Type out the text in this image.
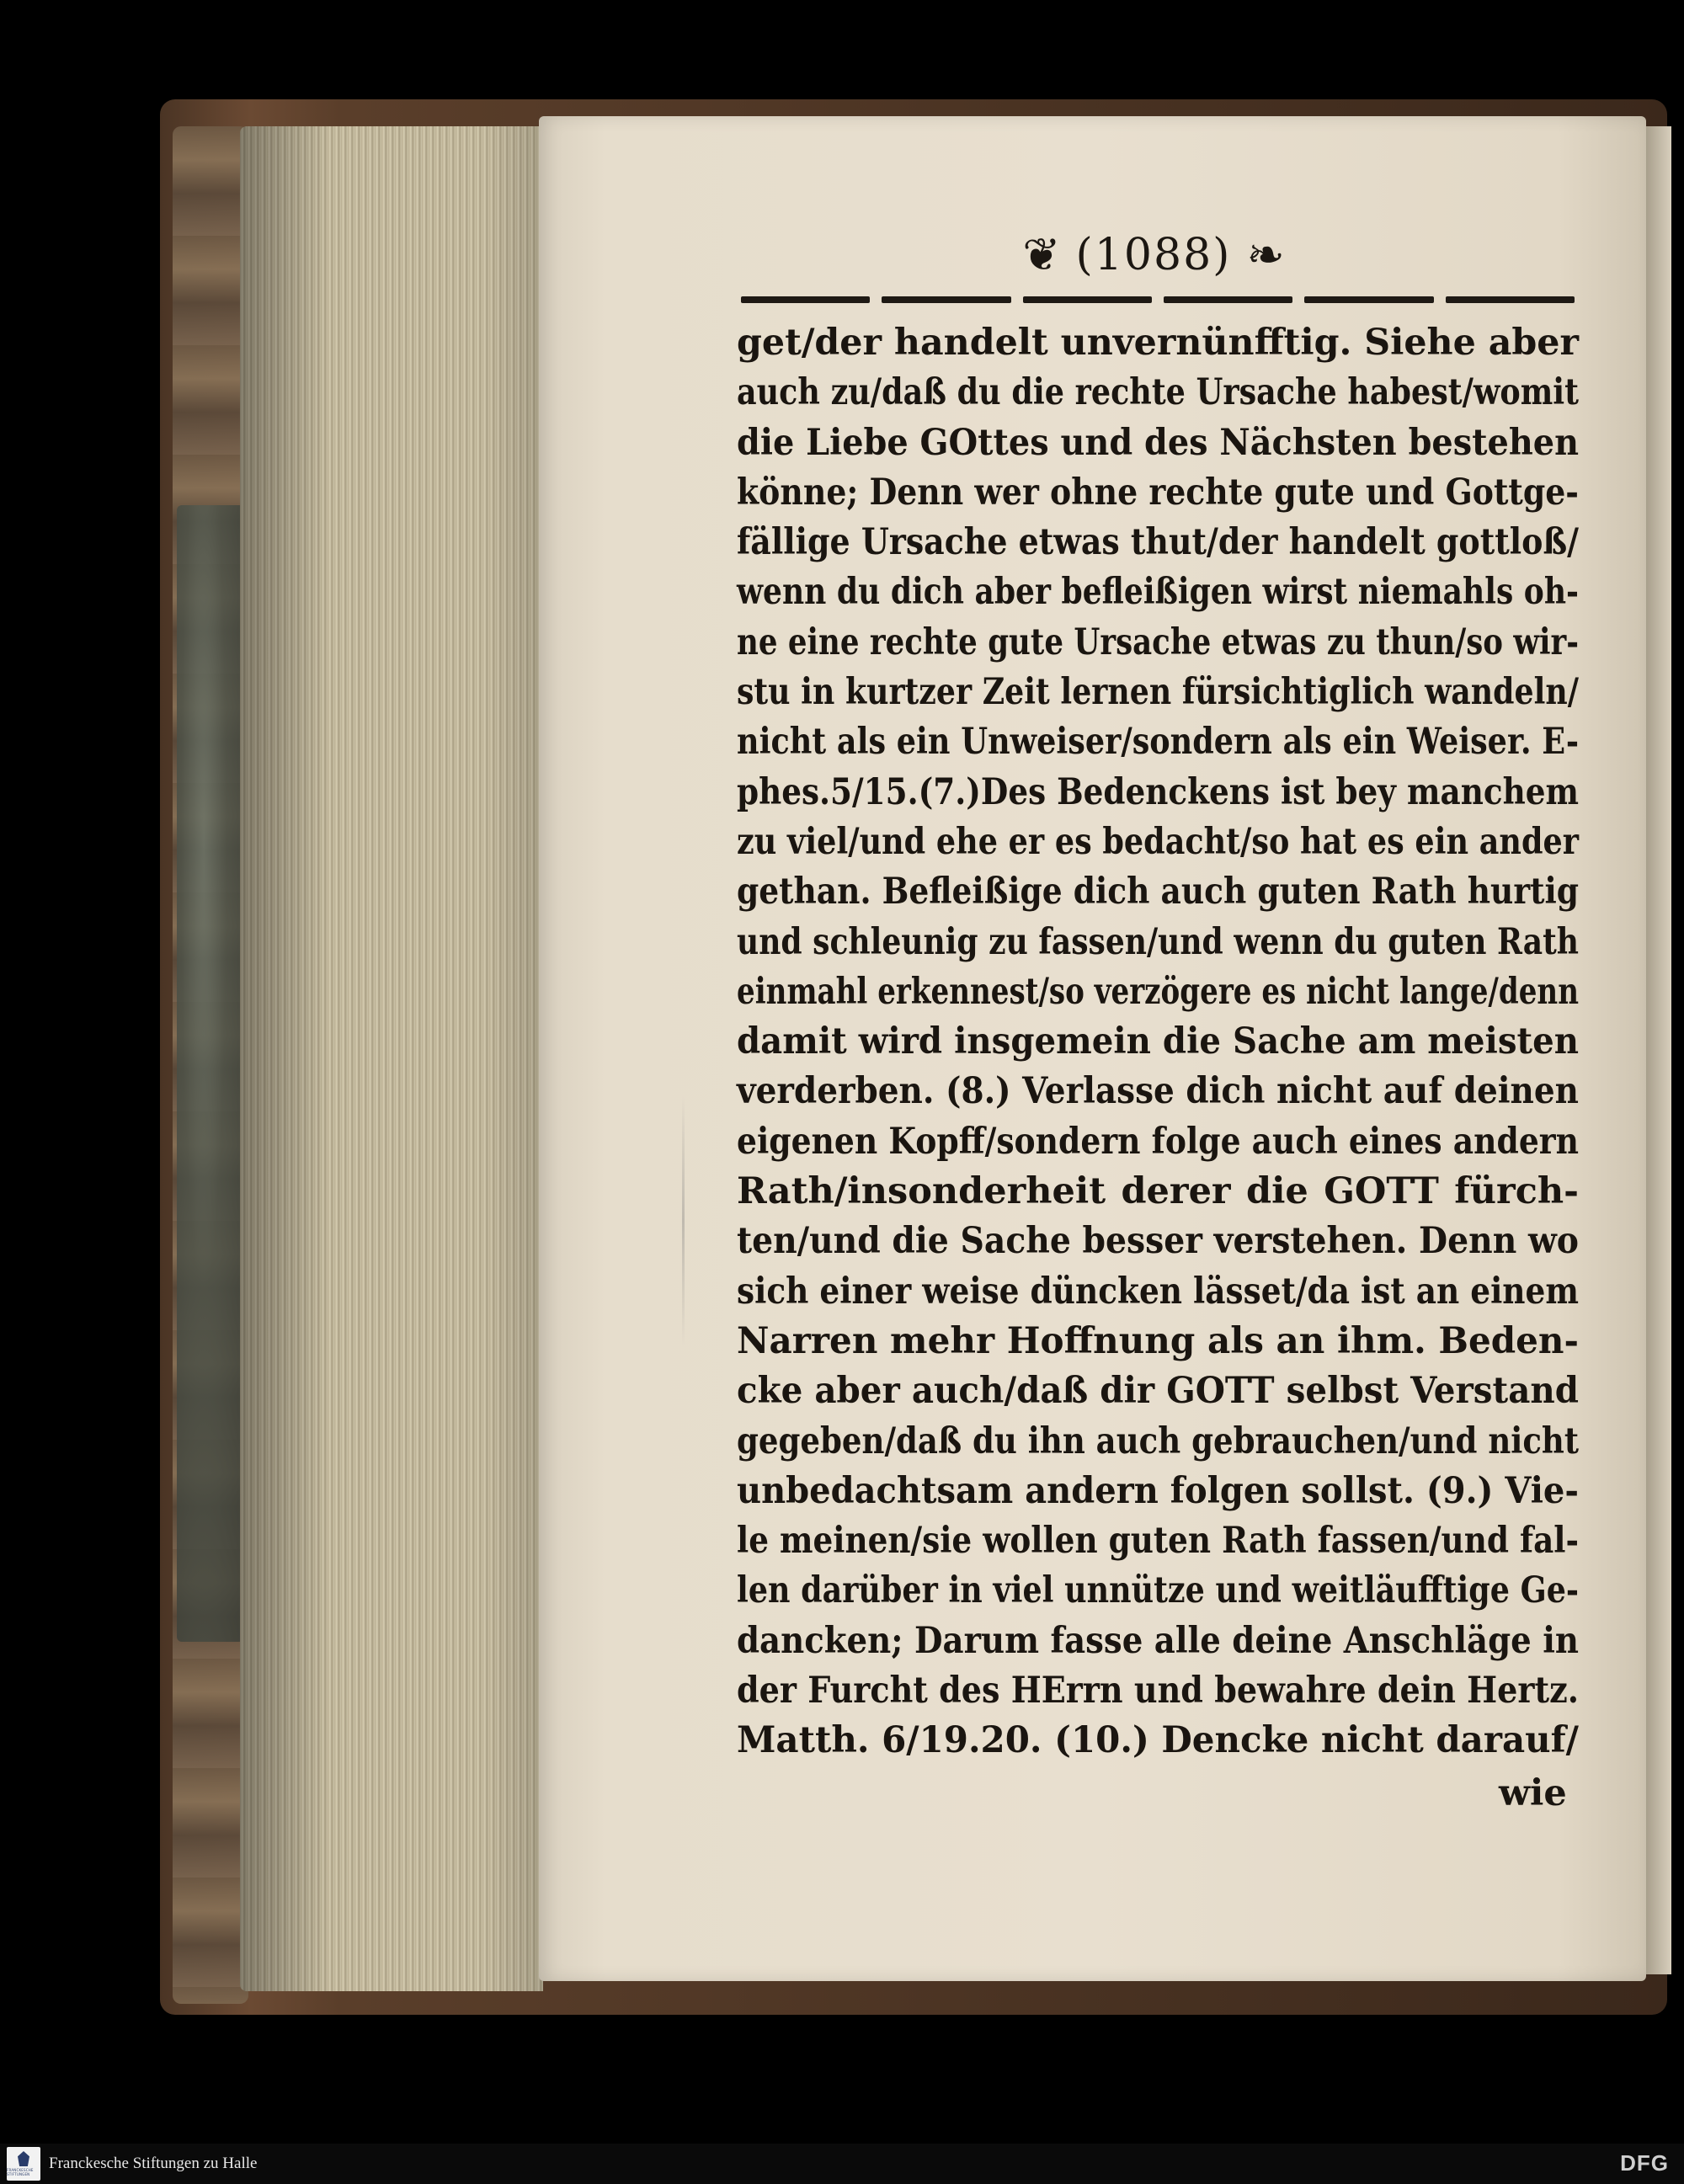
❦ (1088) ❧
get/der handelt unvernünfftig. Siehe aber
auch zu/daß du die rechte Ursache habest/womit
die Liebe GOttes und des Nächsten bestehen
könne; Denn wer ohne rechte gute und Gottge-
fällige Ursache etwas thut/der handelt gottloß/
wenn du dich aber befleißigen wirst niemahls oh-
ne eine rechte gute Ursache etwas zu thun/so wir-
stu in kurtzer Zeit lernen fürsichtiglich wandeln/
nicht als ein Unweiser/sondern als ein Weiser. E-
phes.5/15.(7.)Des Bedenckens ist bey manchem
zu viel/und ehe er es bedacht/so hat es ein ander
gethan. Befleißige dich auch guten Rath hurtig
und schleunig zu fassen/und wenn du guten Rath
einmahl erkennest/so verzögere es nicht lange/denn
damit wird insgemein die Sache am meisten
verderben. (8.) Verlasse dich nicht auf deinen
eigenen Kopff/sondern folge auch eines andern
Rath/insonderheit derer die GOTT fürch-
ten/und die Sache besser verstehen. Denn wo
sich einer weise düncken lässet/da ist an einem
Narren mehr Hoffnung als an ihm. Beden-
cke aber auch/daß dir GOTT selbst Verstand
gegeben/daß du ihn auch gebrauchen/und nicht
unbedachtsam andern folgen sollst. (9.) Vie-
le meinen/sie wollen guten Rath fassen/und fal-
len darüber in viel unnütze und weitläufftige Ge-
dancken; Darum fasse alle deine Anschläge in
der Furcht des HErrn und bewahre dein Hertz.
Matth. 6/19.20. (10.) Dencke nicht darauf/
wie
FRANCKESCHE STIFTUNGEN
Franckesche Stiftungen zu Halle	DFG
